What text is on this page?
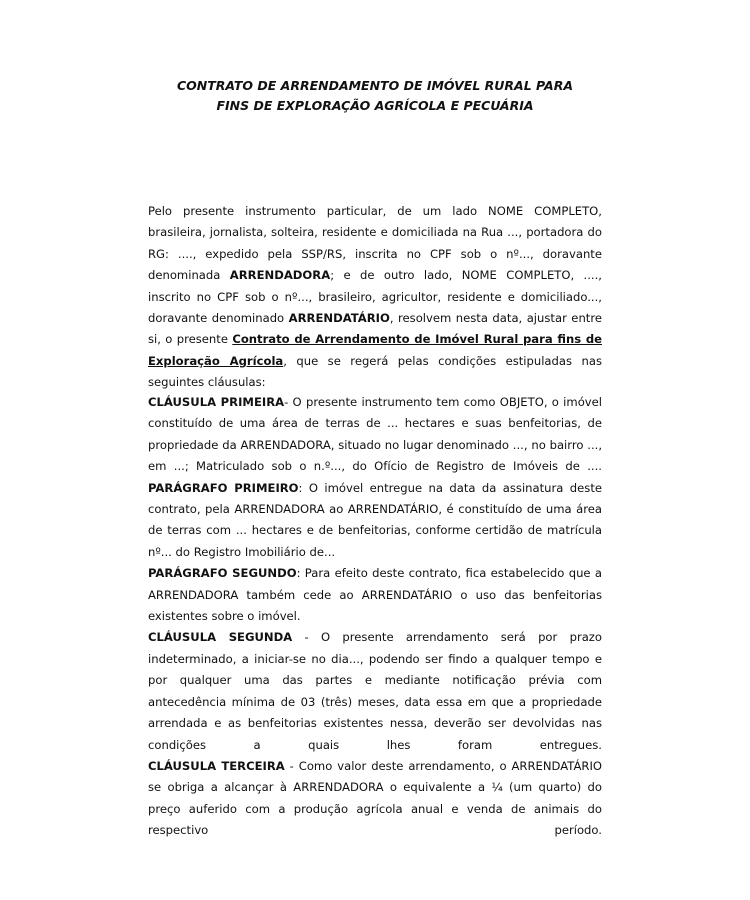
CONTRATO DE ARRENDAMENTO DE IMÓVEL RURAL PARA
FINS DE EXPLORAÇÃO AGRÍCOLA E PECUÁRIA

Pelo presente instrumento particular, de um lado NOME COMPLETO, brasileira, jornalista, solteira, residente e domiciliada na Rua ..., portadora do RG: ...., expedido pela SSP/RS, inscrita no CPF sob o nº..., doravante denominada ARRENDADORA; e de outro lado, NOME COMPLETO, ...., inscrito no CPF sob o nº..., brasileiro, agricultor, residente e domiciliado..., doravante denominado ARRENDATÁRIO, resolvem nesta data, ajustar entre si, o presente Contrato de Arrendamento de Imóvel Rural para fins de Exploração Agrícola, que se regerá pelas condições estipuladas nas seguintes cláusulas:

CLÁUSULA PRIMEIRA- O presente instrumento tem como OBJETO, o imóvel constituído de uma área de terras de ... hectares e suas benfeitorias, de propriedade da ARRENDADORA, situado no lugar denominado ..., no bairro ..., em ...; Matriculado sob o n.º..., do Ofício de Registro de Imóveis de ....

PARÁGRAFO PRIMEIRO: O imóvel entregue na data da assinatura deste contrato, pela ARRENDADORA ao ARRENDATÁRIO, é constituído de uma área de terras com ... hectares e de benfeitorias, conforme certidão de matrícula nº... do Registro Imobiliário de...

PARÁGRAFO SEGUNDO: Para efeito deste contrato, fica estabelecido que a ARRENDADORA também cede ao ARRENDATÁRIO o uso das benfeitorias existentes sobre o imóvel.

CLÁUSULA SEGUNDA - O presente arrendamento será por prazo indeterminado, a iniciar-se no dia..., podendo ser findo a qualquer tempo e por qualquer uma das partes e mediante notificação prévia com antecedência mínima de 03 (três) meses, data essa em que a propriedade arrendada e as benfeitorias existentes nessa, deverão ser devolvidas nas condições a quais lhes foram entregues.

CLÁUSULA TERCEIRA - Como valor deste arrendamento, o ARRENDATÁRIO se obriga a alcançar à ARRENDADORA o equivalente a ¼ (um quarto) do preço auferido com a produção agrícola anual e venda de animais do respectivo período.
